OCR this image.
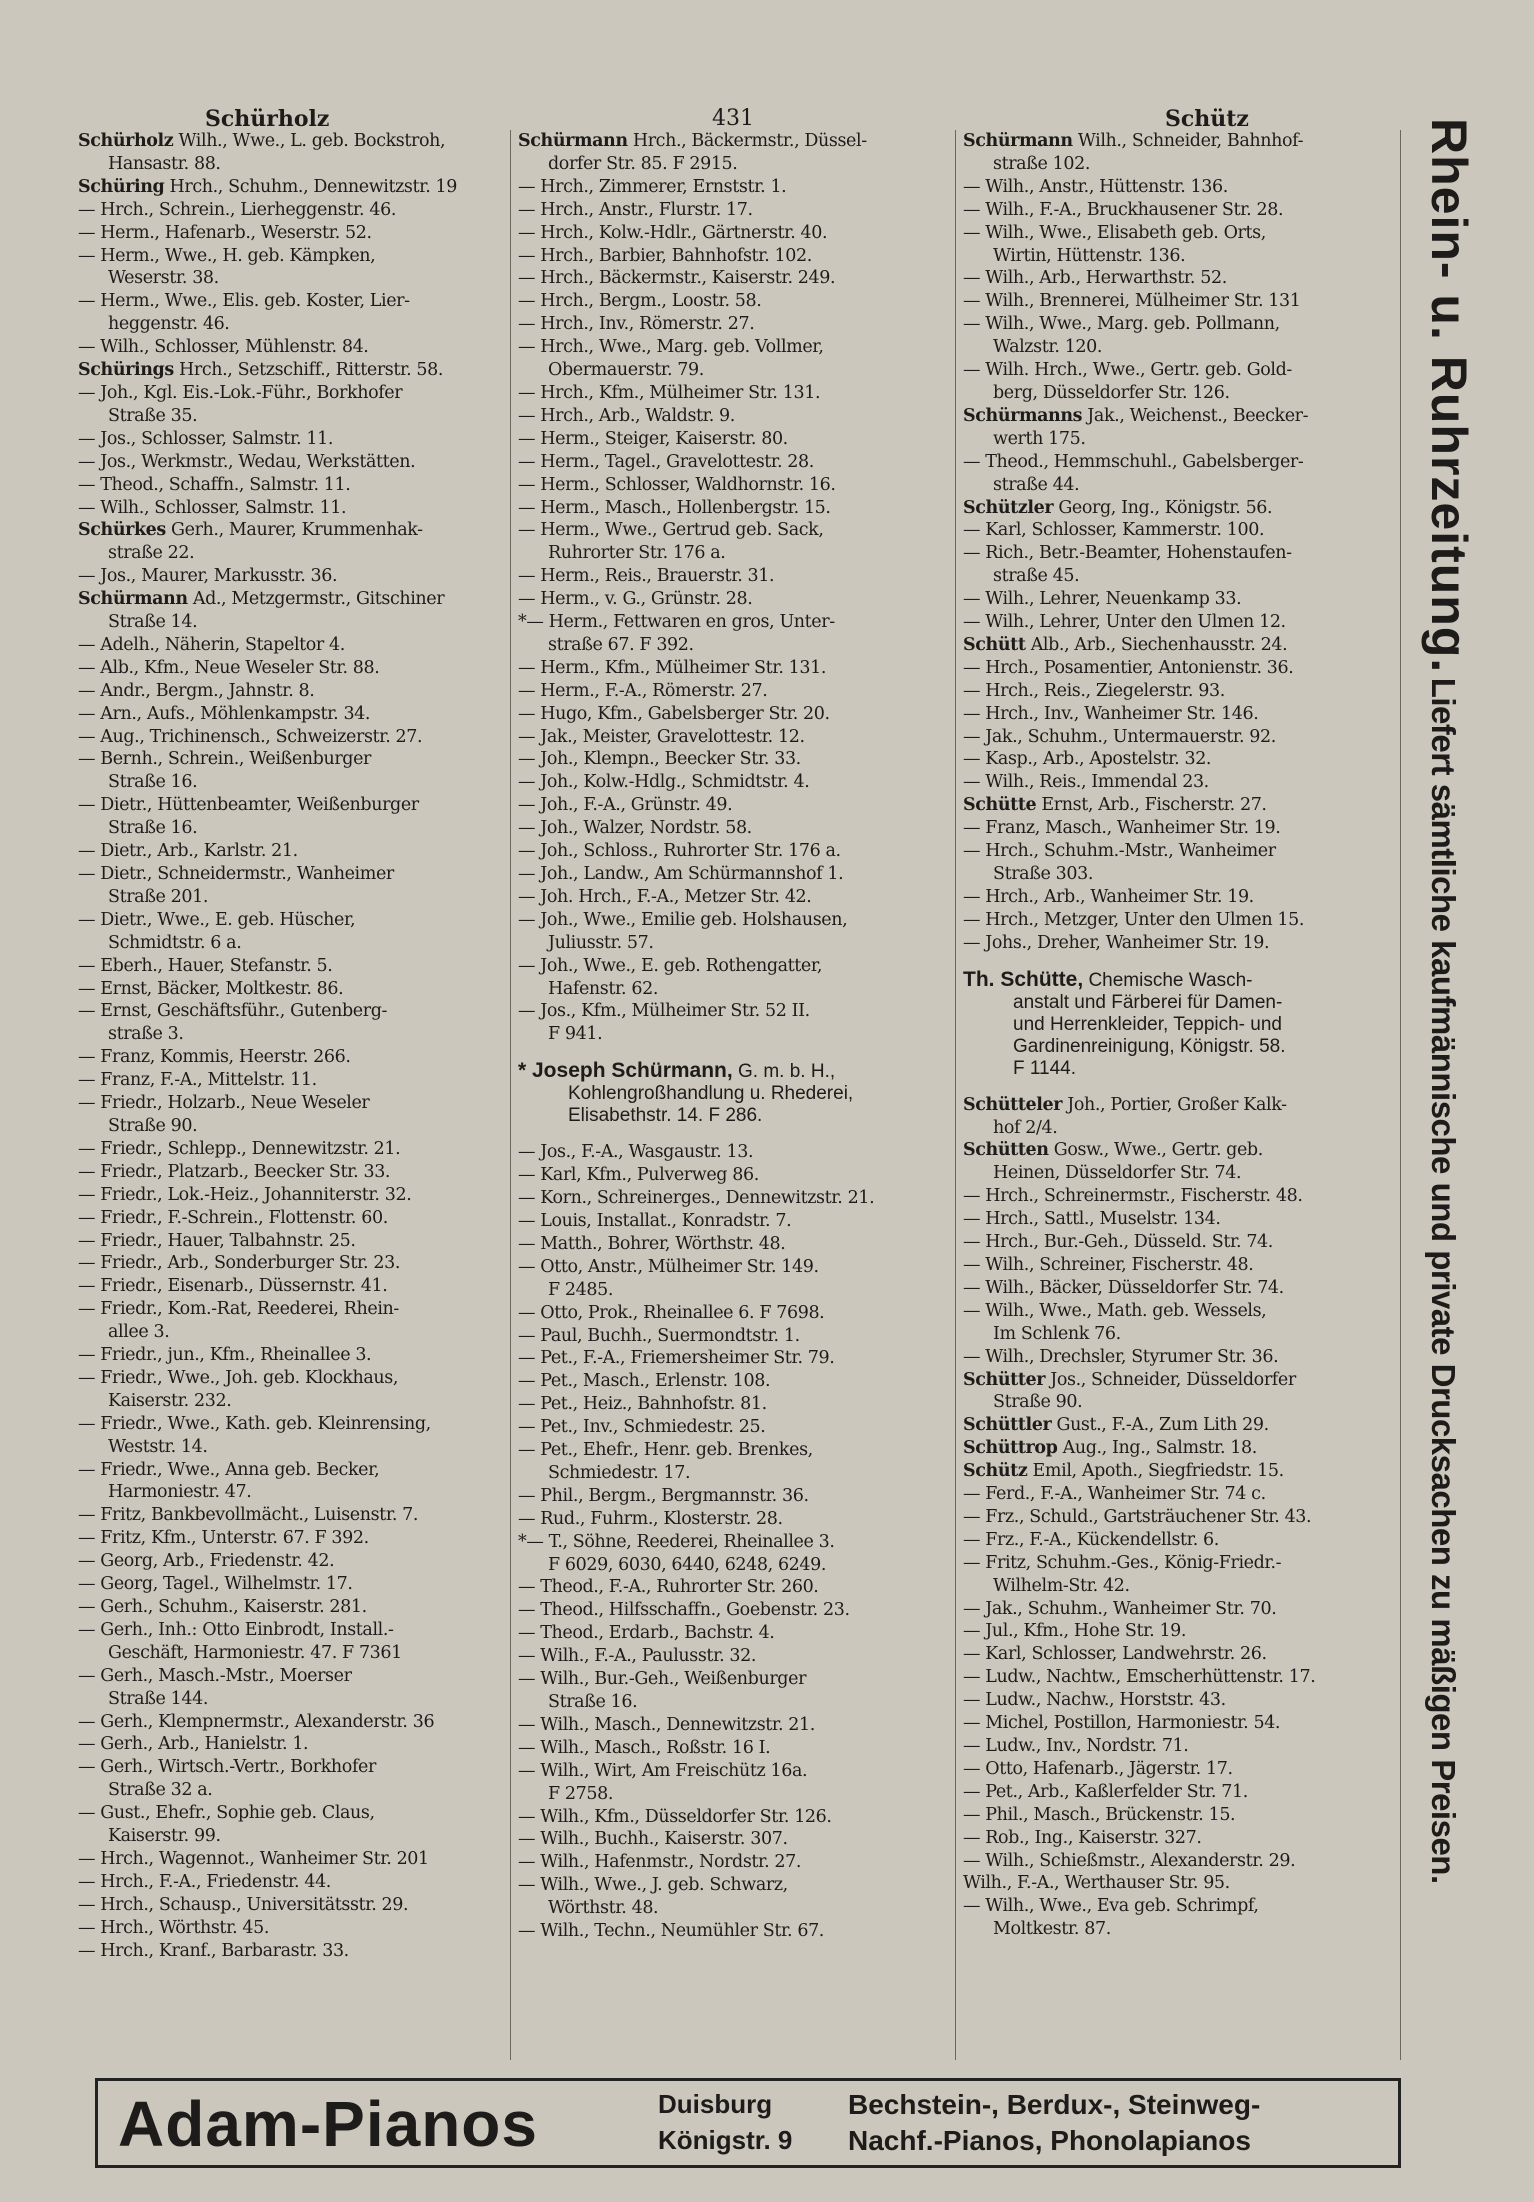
Schürholz	431	Schütz
Schürholz Wilh., Wwe., L. geb. Bockstroh,
Hansastr. 88.
Schüring Hrch., Schuhm., Dennewitzstr. 19
— Hrch., Schrein., Lierheggenstr. 46.
— Herm., Hafenarb., Weserstr. 52.
— Herm., Wwe., H. geb. Kämpken,
Weserstr. 38.
— Herm., Wwe., Elis. geb. Koster, Lier-
heggenstr. 46.
— Wilh., Schlosser, Mühlenstr. 84.
Schürings Hrch., Setzschiff., Ritterstr. 58.
— Joh., Kgl. Eis.-Lok.-Führ., Borkhofer
Straße 35.
— Jos., Schlosser, Salmstr. 11.
— Jos., Werkmstr., Wedau, Werkstätten.
— Theod., Schaffn., Salmstr. 11.
— Wilh., Schlosser, Salmstr. 11.
Schürkes Gerh., Maurer, Krummenhak-
straße 22.
— Jos., Maurer, Markusstr. 36.
Schürmann Ad., Metzgermstr., Gitschiner
Straße 14.
— Adelh., Näherin, Stapeltor 4.
— Alb., Kfm., Neue Weseler Str. 88.
— Andr., Bergm., Jahnstr. 8.
— Arn., Aufs., Möhlenkampstr. 34.
— Aug., Trichinensch., Schweizerstr. 27.
— Bernh., Schrein., Weißenburger
Straße 16.
— Dietr., Hüttenbeamter, Weißenburger
Straße 16.
— Dietr., Arb., Karlstr. 21.
— Dietr., Schneidermstr., Wanheimer
Straße 201.
— Dietr., Wwe., E. geb. Hüscher,
Schmidtstr. 6 a.
— Eberh., Hauer, Stefanstr. 5.
— Ernst, Bäcker, Moltkestr. 86.
— Ernst, Geschäftsführ., Gutenberg-
straße 3.
— Franz, Kommis, Heerstr. 266.
— Franz, F.-A., Mittelstr. 11.
— Friedr., Holzarb., Neue Weseler
Straße 90.
— Friedr., Schlepp., Dennewitzstr. 21.
— Friedr., Platzarb., Beecker Str. 33.
— Friedr., Lok.-Heiz., Johanniterstr. 32.
— Friedr., F.-Schrein., Flottenstr. 60.
— Friedr., Hauer, Talbahnstr. 25.
— Friedr., Arb., Sonderburger Str. 23.
— Friedr., Eisenarb., Düssernstr. 41.
— Friedr., Kom.-Rat, Reederei, Rhein-
allee 3.
— Friedr., jun., Kfm., Rheinallee 3.
— Friedr., Wwe., Joh. geb. Klockhaus,
Kaiserstr. 232.
— Friedr., Wwe., Kath. geb. Kleinrensing,
Weststr. 14.
— Friedr., Wwe., Anna geb. Becker,
Harmoniestr. 47.
— Fritz, Bankbevollmächt., Luisenstr. 7.
— Fritz, Kfm., Unterstr. 67. F 392.
— Georg, Arb., Friedenstr. 42.
— Georg, Tagel., Wilhelmstr. 17.
— Gerh., Schuhm., Kaiserstr. 281.
— Gerh., Inh.: Otto Einbrodt, Install.-
Geschäft, Harmoniestr. 47. F 7361
— Gerh., Masch.-Mstr., Moerser
Straße 144.
— Gerh., Klempnermstr., Alexanderstr. 36
— Gerh., Arb., Hanielstr. 1.
— Gerh., Wirtsch.-Vertr., Borkhofer
Straße 32 a.
— Gust., Ehefr., Sophie geb. Claus,
Kaiserstr. 99.
— Hrch., Wagennot., Wanheimer Str. 201
— Hrch., F.-A., Friedenstr. 44.
— Hrch., Schausp., Universitätsstr. 29.
— Hrch., Wörthstr. 45.
— Hrch., Kranf., Barbarastr. 33.
Schürmann Hrch., Bäckermstr., Düssel-
dorfer Str. 85. F 2915.
— Hrch., Zimmerer, Ernststr. 1.
— Hrch., Anstr., Flurstr. 17.
— Hrch., Kolw.-Hdlr., Gärtnerstr. 40.
— Hrch., Barbier, Bahnhofstr. 102.
— Hrch., Bäckermstr., Kaiserstr. 249.
— Hrch., Bergm., Loostr. 58.
— Hrch., Inv., Römerstr. 27.
— Hrch., Wwe., Marg. geb. Vollmer,
Obermauerstr. 79.
— Hrch., Kfm., Mülheimer Str. 131.
— Hrch., Arb., Waldstr. 9.
— Herm., Steiger, Kaiserstr. 80.
— Herm., Tagel., Gravelottestr. 28.
— Herm., Schlosser, Waldhornstr. 16.
— Herm., Masch., Hollenbergstr. 15.
— Herm., Wwe., Gertrud geb. Sack,
Ruhrorter Str. 176 a.
— Herm., Reis., Brauerstr. 31.
— Herm., v. G., Grünstr. 28.
*— Herm., Fettwaren en gros, Unter-
straße 67. F 392.
— Herm., Kfm., Mülheimer Str. 131.
— Herm., F.-A., Römerstr. 27.
— Hugo, Kfm., Gabelsberger Str. 20.
— Jak., Meister, Gravelottestr. 12.
— Joh., Klempn., Beecker Str. 33.
— Joh., Kolw.-Hdlg., Schmidtstr. 4.
— Joh., F.-A., Grünstr. 49.
— Joh., Walzer, Nordstr. 58.
— Joh., Schloss., Ruhrorter Str. 176 a.
— Joh., Landw., Am Schürmannshof 1.
— Joh. Hrch., F.-A., Metzer Str. 42.
— Joh., Wwe., Emilie geb. Holshausen,
Juliusstr. 57.
— Joh., Wwe., E. geb. Rothengatter,
Hafenstr. 62.
— Jos., Kfm., Mülheimer Str. 52 II.
F 941.
* Joseph Schürmann, G. m. b. H.,
Kohlengroßhandlung u. Rhederei,
Elisabethstr. 14. F 286.
— Jos., F.-A., Wasgaustr. 13.
— Karl, Kfm., Pulverweg 86.
— Korn., Schreinerges., Dennewitzstr. 21.
— Louis, Installat., Konradstr. 7.
— Matth., Bohrer, Wörthstr. 48.
— Otto, Anstr., Mülheimer Str. 149.
F 2485.
— Otto, Prok., Rheinallee 6. F 7698.
— Paul, Buchh., Suermondtstr. 1.
— Pet., F.-A., Friemersheimer Str. 79.
— Pet., Masch., Erlenstr. 108.
— Pet., Heiz., Bahnhofstr. 81.
— Pet., Inv., Schmiedestr. 25.
— Pet., Ehefr., Henr. geb. Brenkes,
Schmiedestr. 17.
— Phil., Bergm., Bergmannstr. 36.
— Rud., Fuhrm., Klosterstr. 28.
*— T., Söhne, Reederei, Rheinallee 3.
F 6029, 6030, 6440, 6248, 6249.
— Theod., F.-A., Ruhrorter Str. 260.
— Theod., Hilfsschaffn., Goebenstr. 23.
— Theod., Erdarb., Bachstr. 4.
— Wilh., F.-A., Paulusstr. 32.
— Wilh., Bur.-Geh., Weißenburger
Straße 16.
— Wilh., Masch., Dennewitzstr. 21.
— Wilh., Masch., Roßstr. 16 I.
— Wilh., Wirt, Am Freischütz 16a.
F 2758.
— Wilh., Kfm., Düsseldorfer Str. 126.
— Wilh., Buchh., Kaiserstr. 307.
— Wilh., Hafenmstr., Nordstr. 27.
— Wilh., Wwe., J. geb. Schwarz,
Wörthstr. 48.
— Wilh., Techn., Neumühler Str. 67.
Schürmann Wilh., Schneider, Bahnhof-
straße 102.
— Wilh., Anstr., Hüttenstr. 136.
— Wilh., F.-A., Bruckhausener Str. 28.
— Wilh., Wwe., Elisabeth geb. Orts,
Wirtin, Hüttenstr. 136.
— Wilh., Arb., Herwarthstr. 52.
— Wilh., Brennerei, Mülheimer Str. 131
— Wilh., Wwe., Marg. geb. Pollmann,
Walzstr. 120.
— Wilh. Hrch., Wwe., Gertr. geb. Gold-
berg, Düsseldorfer Str. 126.
Schürmanns Jak., Weichenst., Beecker-
werth 175.
— Theod., Hemmschuhl., Gabelsberger-
straße 44.
Schützler Georg, Ing., Königstr. 56.
— Karl, Schlosser, Kammerstr. 100.
— Rich., Betr.-Beamter, Hohenstaufen-
straße 45.
— Wilh., Lehrer, Neuenkamp 33.
— Wilh., Lehrer, Unter den Ulmen 12.
Schütt Alb., Arb., Siechenhausstr. 24.
— Hrch., Posamentier, Antonienstr. 36.
— Hrch., Reis., Ziegelerstr. 93.
— Hrch., Inv., Wanheimer Str. 146.
— Jak., Schuhm., Untermauerstr. 92.
— Kasp., Arb., Apostelstr. 32.
— Wilh., Reis., Immendal 23.
Schütte Ernst, Arb., Fischerstr. 27.
— Franz, Masch., Wanheimer Str. 19.
— Hrch., Schuhm.-Mstr., Wanheimer
Straße 303.
— Hrch., Arb., Wanheimer Str. 19.
— Hrch., Metzger, Unter den Ulmen 15.
— Johs., Dreher, Wanheimer Str. 19.
Th. Schütte, Chemische Wasch-
anstalt und Färberei für Damen-
und Herrenkleider, Teppich- und
Gardinenreinigung, Königstr. 58.
F 1144.
Schütteler Joh., Portier, Großer Kalk-
hof 2/4.
Schütten Gosw., Wwe., Gertr. geb.
Heinen, Düsseldorfer Str. 74.
— Hrch., Schreinermstr., Fischerstr. 48.
— Hrch., Sattl., Muselstr. 134.
— Hrch., Bur.-Geh., Düsseld. Str. 74.
— Wilh., Schreiner, Fischerstr. 48.
— Wilh., Bäcker, Düsseldorfer Str. 74.
— Wilh., Wwe., Math. geb. Wessels,
Im Schlenk 76.
— Wilh., Drechsler, Styrumer Str. 36.
Schütter Jos., Schneider, Düsseldorfer
Straße 90.
Schüttler Gust., F.-A., Zum Lith 29.
Schüttrop Aug., Ing., Salmstr. 18.
Schütz Emil, Apoth., Siegfriedstr. 15.
— Ferd., F.-A., Wanheimer Str. 74 c.
— Frz., Schuld., Gartsträuchener Str. 43.
— Frz., F.-A., Kückendellstr. 6.
— Fritz, Schuhm.-Ges., König-Friedr.-
Wilhelm-Str. 42.
— Jak., Schuhm., Wanheimer Str. 70.
— Jul., Kfm., Hohe Str. 19.
— Karl, Schlosser, Landwehrstr. 26.
— Ludw., Nachtw., Emscherhüttenstr. 17.
— Ludw., Nachw., Horststr. 43.
— Michel, Postillon, Harmoniestr. 54.
— Ludw., Inv., Nordstr. 71.
— Otto, Hafenarb., Jägerstr. 17.
— Pet., Arb., Kaßlerfelder Str. 71.
— Phil., Masch., Brückenstr. 15.
— Rob., Ing., Kaiserstr. 327.
— Wilh., Schießmstr., Alexanderstr. 29.
Wilh., F.-A., Werthauser Str. 95.
— Wilh., Wwe., Eva geb. Schrimpf,
Moltkestr. 87.
Rhein- u. Ruhrzeitung. Liefert sämtliche kaufmännische und private Drucksachen zu mäßigen Preisen.
Adam-Pianos	Duisburg
Königstr. 9
Bechstein-, Berdux-, Steinweg-
Nachf.-Pianos, Phonolapianos
